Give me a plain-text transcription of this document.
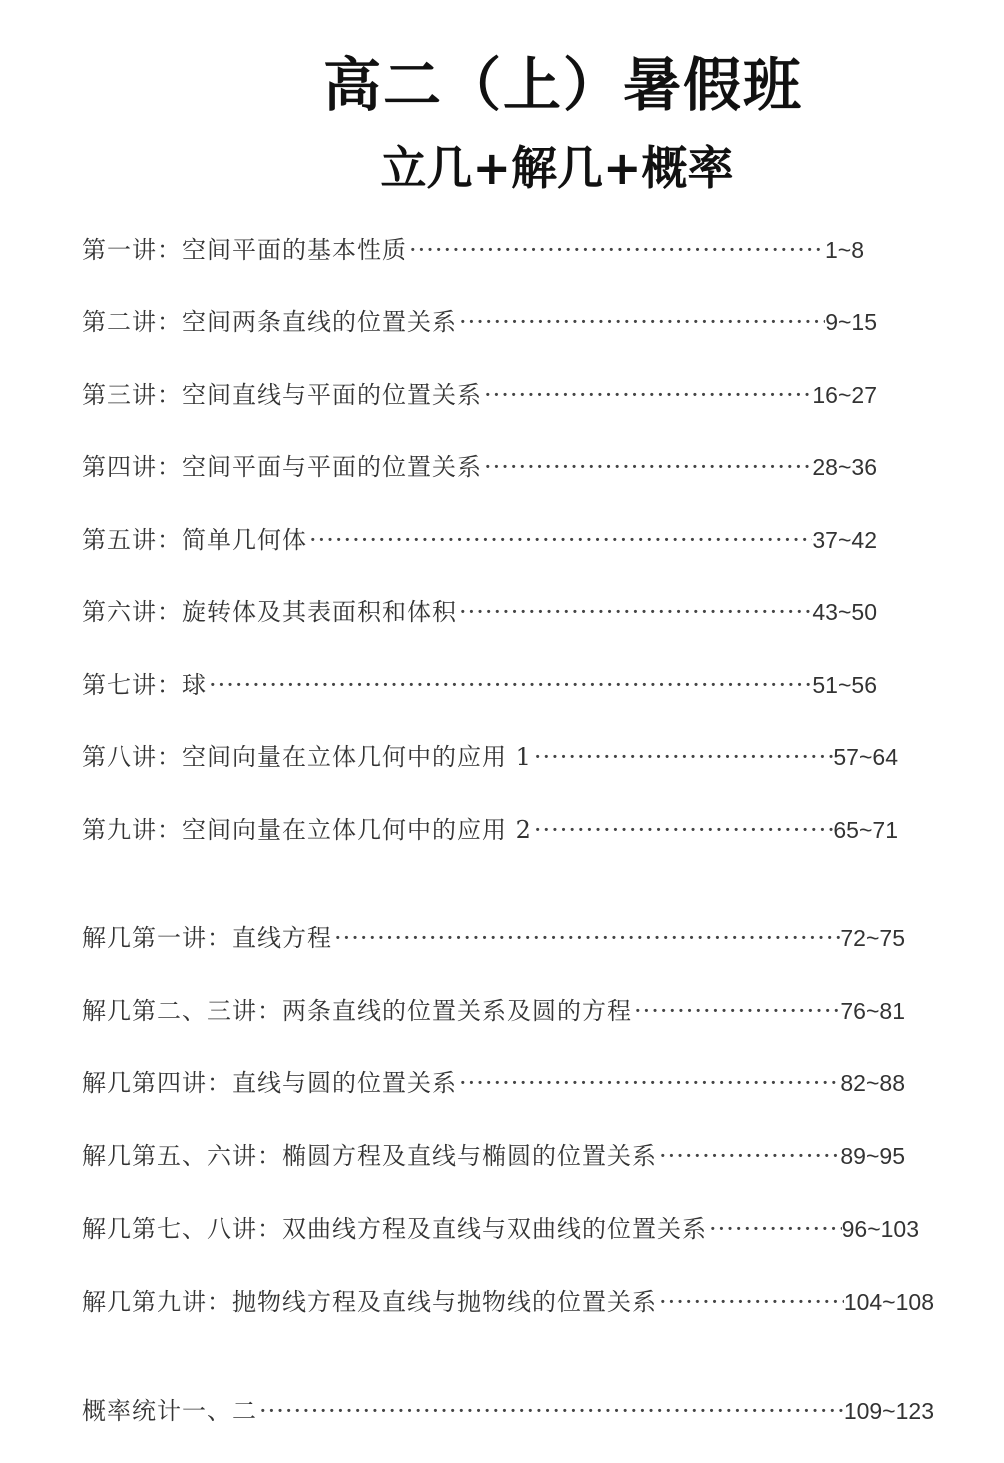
高二（上）暑假班
立几+解几+概率
第一讲：空间平面的基本性质 ·····	1~8
第二讲：空间两条直线的位置关系 ·····	9~15
第三讲：空间直线与平面的位置关系 ·····	16~27
第四讲：空间平面与平面的位置关系 ·····	28~36
第五讲：简单几何体 ·····	37~42
第六讲：旋转体及其表面积和体积 ·····	43~50
第七讲：球 ·····	51~56
第八讲：空间向量在立体几何中的应用 1 ·····	57~64
第九讲：空间向量在立体几何中的应用 2 ·····	65~71
解几第一讲：直线方程 ·····	72~75
解几第二、三讲：两条直线的位置关系及圆的方程 ·····	76~81
解几第四讲：直线与圆的位置关系 ·····	82~88
解几第五、六讲：椭圆方程及直线与椭圆的位置关系 ·····	89~95
解几第七、八讲：双曲线方程及直线与双曲线的位置关系 ·····	96~103
解几第九讲：抛物线方程及直线与抛物线的位置关系 ·····	104~108
概率统计一、二 ·····	109~123
